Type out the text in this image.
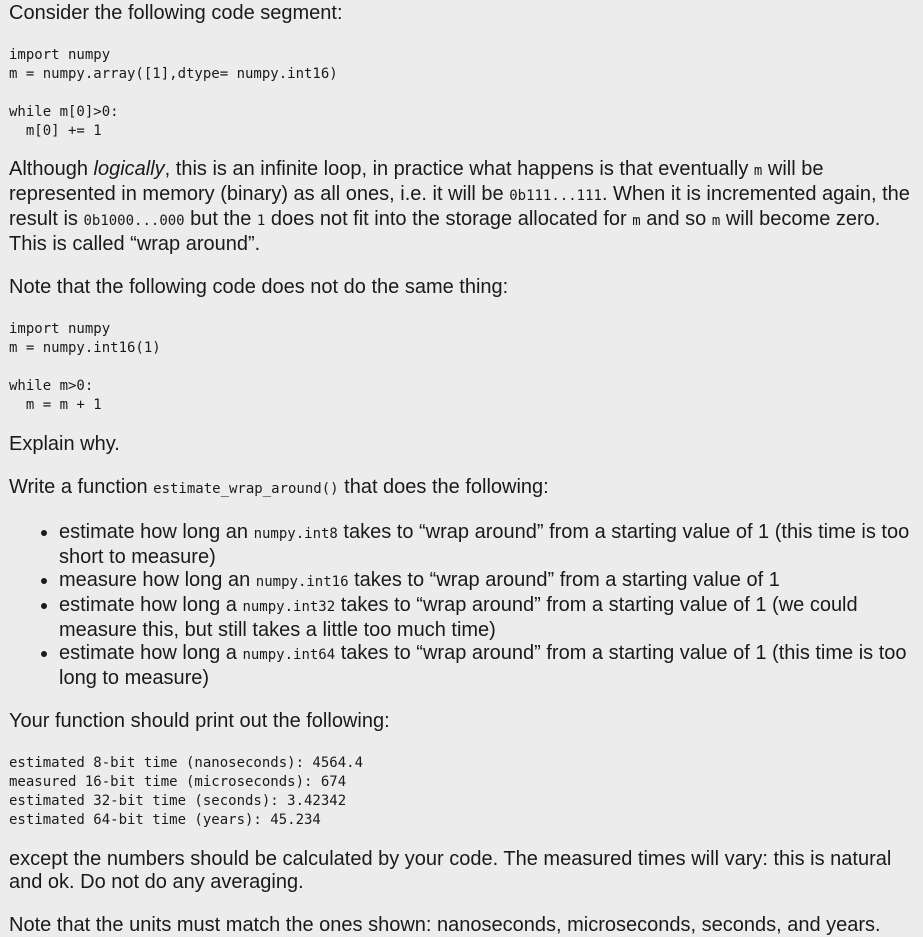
Consider the following code segment:

import numpy
m = numpy.array([1],dtype= numpy.int16)

while m[0]>0:
m[0] += 1

Although logically, this is an infinite loop, in practice what happens is that eventually m will be represented in memory (binary) as all ones, i.e. it will be 0b111...111. When it is incremented again, the result is 0b1000...000 but the 1 does not fit into the storage allocated for m and so m will become zero. This is called “wrap around”.

Note that the following code does not do the same thing:

import numpy
m = numpy.int16(1)

while m>0:
m = m + 1

Explain why.

Write a function estimate_wrap_around() that does the following:

• estimate how long an numpy.int8 takes to “wrap around” from a starting value of 1 (this time is too short to measure)
• measure how long an numpy.int16 takes to “wrap around” from a starting value of 1
• estimate how long a numpy.int32 takes to “wrap around” from a starting value of 1 (we could measure this, but still takes a little too much time)
• estimate how long a numpy.int64 takes to “wrap around” from a starting value of 1 (this time is too long to measure)

Your function should print out the following:

estimated 8-bit time (nanoseconds): 4564.4
measured 16-bit time (microseconds): 674
estimated 32-bit time (seconds): 3.42342
estimated 64-bit time (years): 45.234

except the numbers should be calculated by your code. The measured times will vary: this is natural and ok. Do not do any averaging.

Note that the units must match the ones shown: nanoseconds, microseconds, seconds, and years.
